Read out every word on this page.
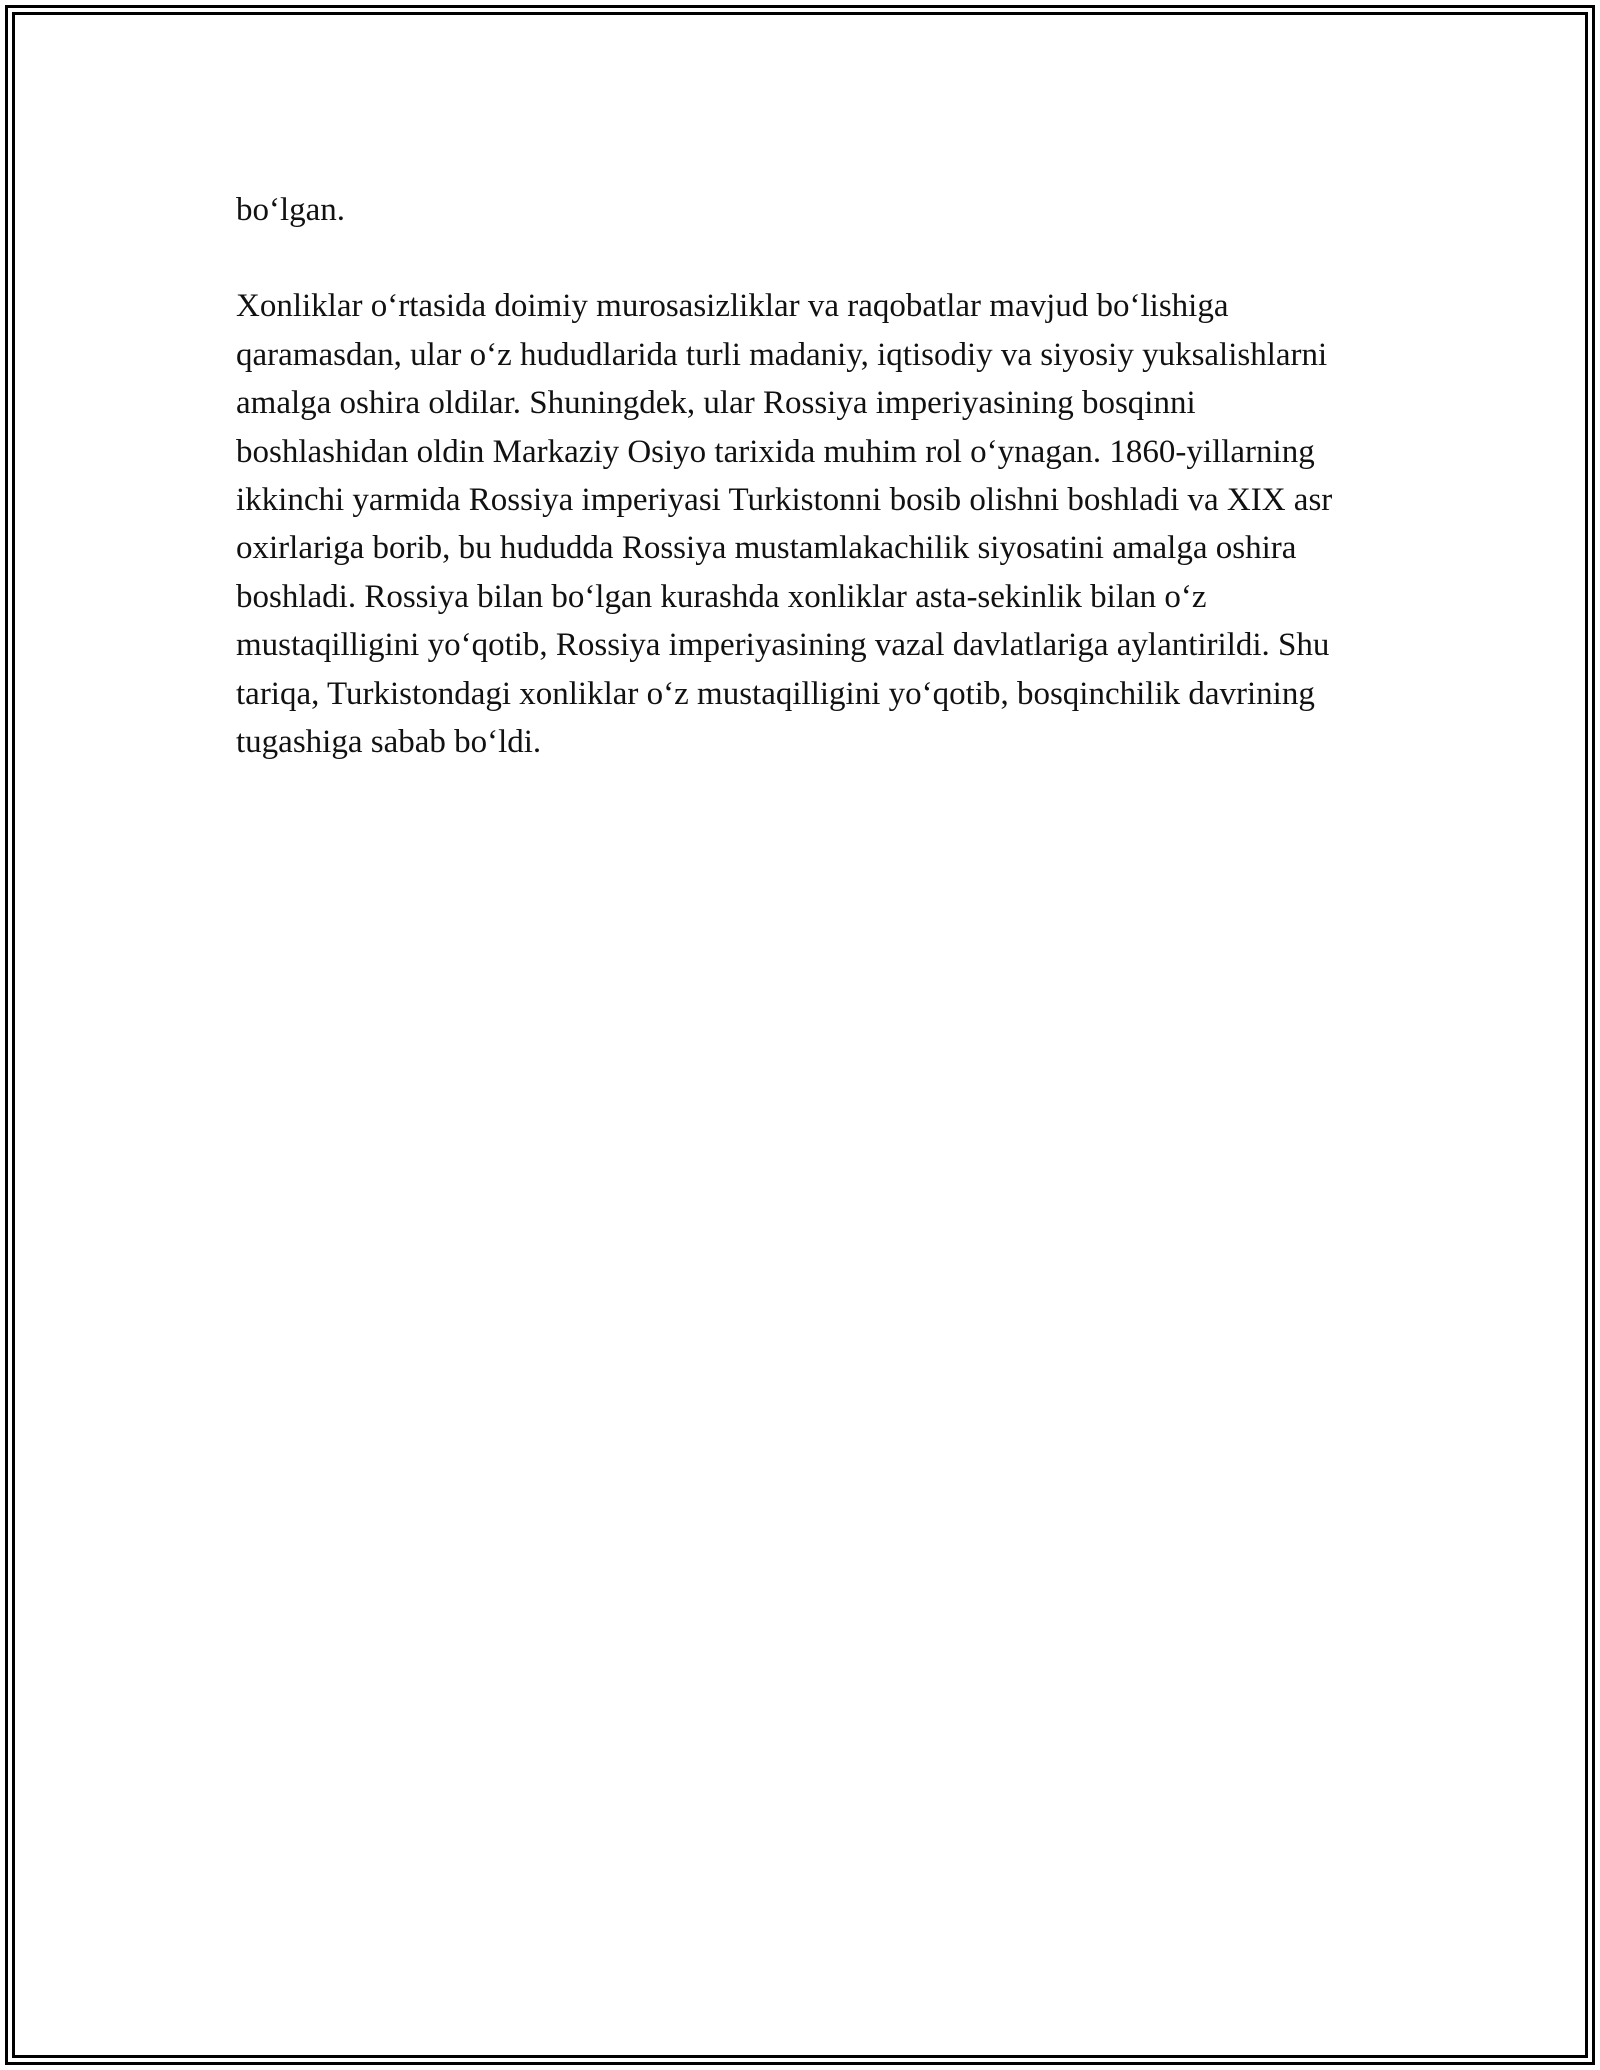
bo‘lgan.

Xonliklar o‘rtasida doimiy murosasizliklar va raqobatlar mavjud bo‘lishiga qaramasdan, ular o‘z hududlarida turli madaniy, iqtisodiy va siyosiy yuksalishlarni amalga oshira oldilar. Shuningdek, ular Rossiya imperiyasining bosqinni boshlashidan oldin Markaziy Osiyo tarixida muhim rol o‘ynagan. 1860-yillarning ikkinchi yarmida Rossiya imperiyasi Turkistonni bosib olishni boshladi va XIX asr oxirlariga borib, bu hududda Rossiya mustamlakachilik siyosatini amalga oshira boshladi. Rossiya bilan bo‘lgan kurashda xonliklar asta-sekinlik bilan o‘z mustaqilligini yo‘qotib, Rossiya imperiyasining vazal davlatlariga aylantirildi. Shu tariqa, Turkistondagi xonliklar o‘z mustaqilligini yo‘qotib, bosqinchilik davrining tugashiga sabab bo‘ldi.
